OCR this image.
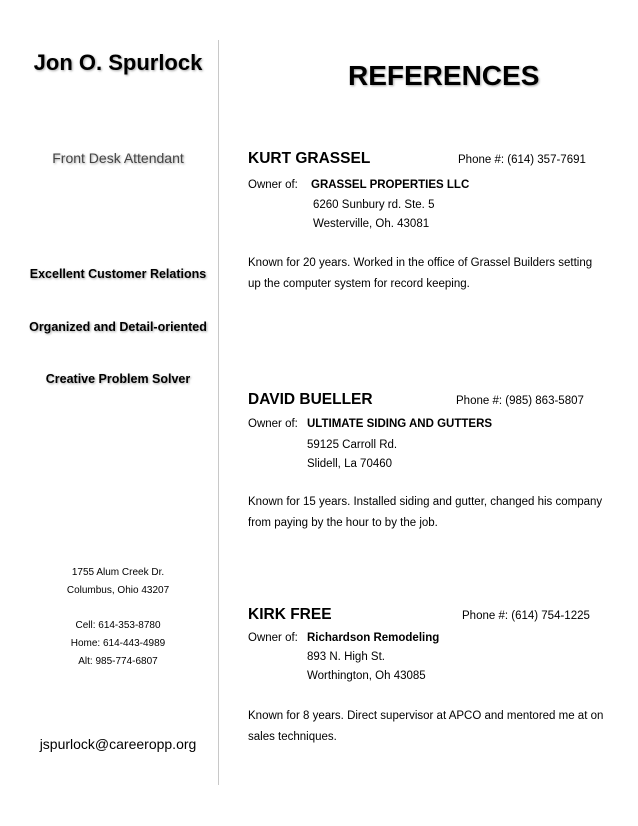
Jon O. Spurlock
Front Desk Attendant
Excellent Customer Relations
Organized and Detail-oriented
Creative Problem Solver
1755 Alum Creek Dr.
Columbus, Ohio 43207
Cell: 614-353-8780
Home: 614-443-4989
Alt: 985-774-6807
jspurlock@careeropp.org
REFERENCES
KURT GRASSEL	Phone #: (614) 357-7691
Owner of: GRASSEL PROPERTIES LLC
6260 Sunbury rd. Ste. 5
Westerville, Oh. 43081
Known for 20 years. Worked in the office of Grassel Builders setting up the computer system for record keeping.
DAVID BUELLER	Phone #: (985) 863-5807
Owner of: ULTIMATE SIDING AND GUTTERS
59125 Carroll Rd.
Slidell, La 70460
Known for 15 years. Installed siding and gutter, changed his company from paying by the hour to by the job.
KIRK FREE	Phone #: (614) 754-1225
Owner of: Richardson Remodeling
893 N. High St.
Worthington, Oh 43085
Known for 8 years. Direct supervisor at APCO and mentored me at on sales techniques.
